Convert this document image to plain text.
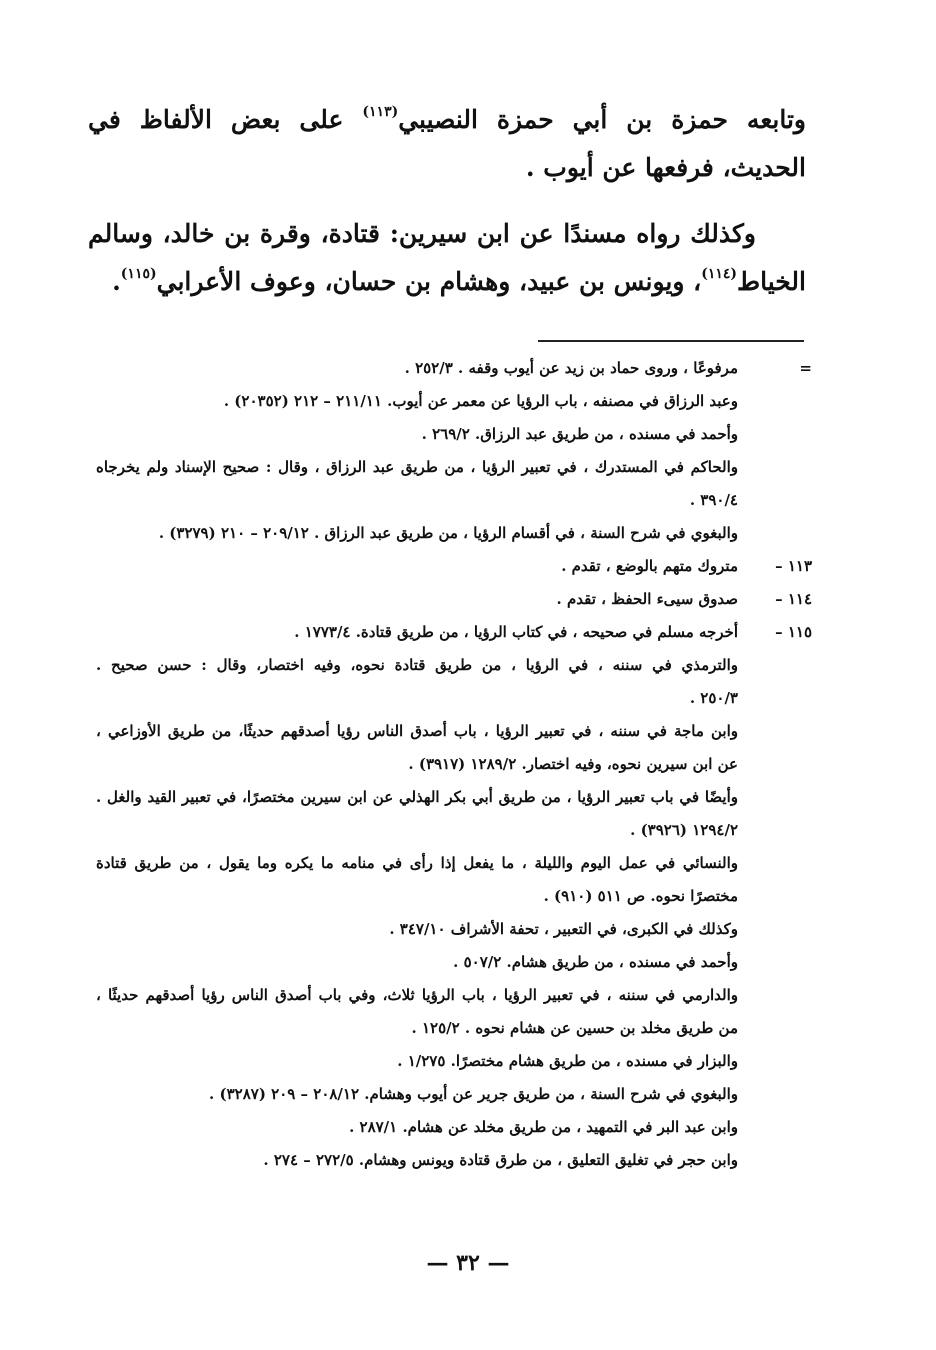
وتابعه حمزة بن أبي حمزة النصيبي$^{(١١٣)}$ على بعض الألفاظ في الحديث، فرفعها عن أيوب .

وكذلك رواه مسندًا عن ابن سيرين: قتادة، وقرة بن خالد، وسالم الخياط$^{(١١٤)}$، ويونس بن عبيد، وهشام بن حسان، وعوف الأعرابي$^{(١١٥)}$.

=
مرفوعًا ، وروى حماد بن زيد عن أيوب وقفه . ٢٥٢/٣ .
وعبد الرزاق في مصنفه ، باب الرؤيا عن معمر عن أيوب. ٢١١/١١ – ٢١٢ (٢٠٣٥٢) .
وأحمد في مسنده ، من طريق عبد الرزاق. ٢٦٩/٢ .
والحاكم في المستدرك ، في تعبير الرؤيا ، من طريق عبد الرزاق ، وقال : صحيح الإسناد ولم يخرجاه
٣٩٠/٤ .
والبغوي في شرح السنة ، في أقسام الرؤيا ، من طريق عبد الرزاق . ٢٠٩/١٢ – ٢١٠ (٣٢٧٩) .
١١٣ –
متروك متهم بالوضع ، تقدم .
١١٤ –
صدوق سيىء الحفظ ، تقدم .
١١٥ –
أخرجه مسلم في صحيحه ، في كتاب الرؤيا ، من طريق قتادة. ١٧٧٣/٤ .
والترمذي في سننه ، في الرؤيا ، من طريق قتادة نحوه، وفيه اختصار، وقال : حسن صحيح .
٢٥٠/٣ .
وابن ماجة في سننه ، في تعبير الرؤيا ، باب أصدق الناس رؤيا أصدقهم حديثًا، من طريق الأوزاعي ،
عن ابن سيرين نحوه، وفيه اختصار. ١٢٨٩/٢ (٣٩١٧) .
وأيضًا في باب تعبير الرؤيا ، من طريق أبي بكر الهذلي عن ابن سيرين مختصرًا، في تعبير القيد والغل .
١٢٩٤/٢ (٣٩٢٦) .
والنسائي في عمل اليوم والليلة ، ما يفعل إذا رأى في منامه ما يكره وما يقول ، من طريق قتادة
مختصرًا نحوه. ص ٥١١ (٩١٠) .
وكذلك في الكبرى، في التعبير ، تحفة الأشراف ٣٤٧/١٠ .
وأحمد في مسنده ، من طريق هشام. ٥٠٧/٢ .
والدارمي في سننه ، في تعبير الرؤيا ، باب الرؤيا ثلاث، وفي باب أصدق الناس رؤيا أصدقهم حديثًا ،
من طريق مخلد بن حسين عن هشام نحوه . ١٢٥/٢ .
والبزار في مسنده ، من طريق هشام مختصرًا. ١/٢٧٥ .
والبغوي في شرح السنة ، من طريق جرير عن أيوب وهشام. ٢٠٨/١٢ – ٢٠٩ (٣٢٨٧) .
وابن عبد البر في التمهيد ، من طريق مخلد عن هشام. ٢٨٧/١ .
وابن حجر في تغليق التعليق ، من طرق قتادة ويونس وهشام. ٢٧٢/٥ – ٢٧٤ .
— ٣٢ —
